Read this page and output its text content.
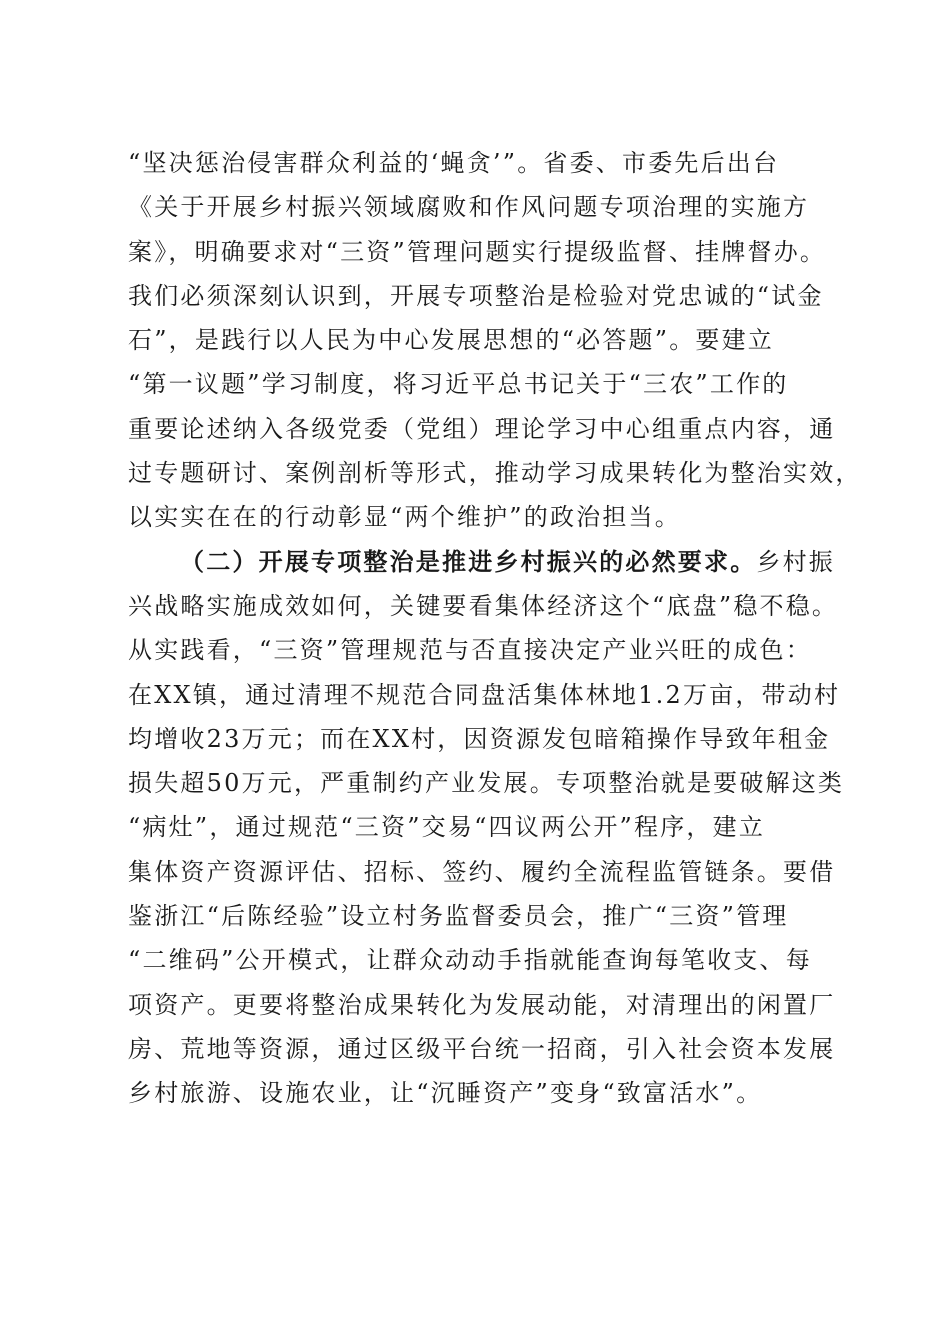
“坚决惩治侵害群众利益的‘蝇贪’”。省委、市委先后出台
《关于开展乡村振兴领域腐败和作风问题专项治理的实施方
案》，明确要求对“三资”管理问题实行提级监督、挂牌督办。
我们必须深刻认识到，开展专项整治是检验对党忠诚的“试金
石”，是践行以人民为中心发展思想的“必答题”。要建立
“第一议题”学习制度，将习近平总书记关于“三农”工作的
重要论述纳入各级党委（党组）理论学习中心组重点内容，通
过专题研讨、案例剖析等形式，推动学习成果转化为整治实效，
以实实在在的行动彰显“两个维护”的政治担当。
（二）开展专项整治是推进乡村振兴的必然要求。乡村振
兴战略实施成效如何，关键要看集体经济这个“底盘”稳不稳。
从实践看，“三资”管理规范与否直接决定产业兴旺的成色：
在XX镇，通过清理不规范合同盘活集体林地1.2万亩，带动村
均增收23万元；而在XX村，因资源发包暗箱操作导致年租金
损失超50万元，严重制约产业发展。专项整治就是要破解这类
“病灶”，通过规范“三资”交易“四议两公开”程序，建立
集体资产资源评估、招标、签约、履约全流程监管链条。要借
鉴浙江“后陈经验”设立村务监督委员会，推广“三资”管理
“二维码”公开模式，让群众动动手指就能查询每笔收支、每
项资产。更要将整治成果转化为发展动能，对清理出的闲置厂
房、荒地等资源，通过区级平台统一招商，引入社会资本发展
乡村旅游、设施农业，让“沉睡资产”变身“致富活水”。
